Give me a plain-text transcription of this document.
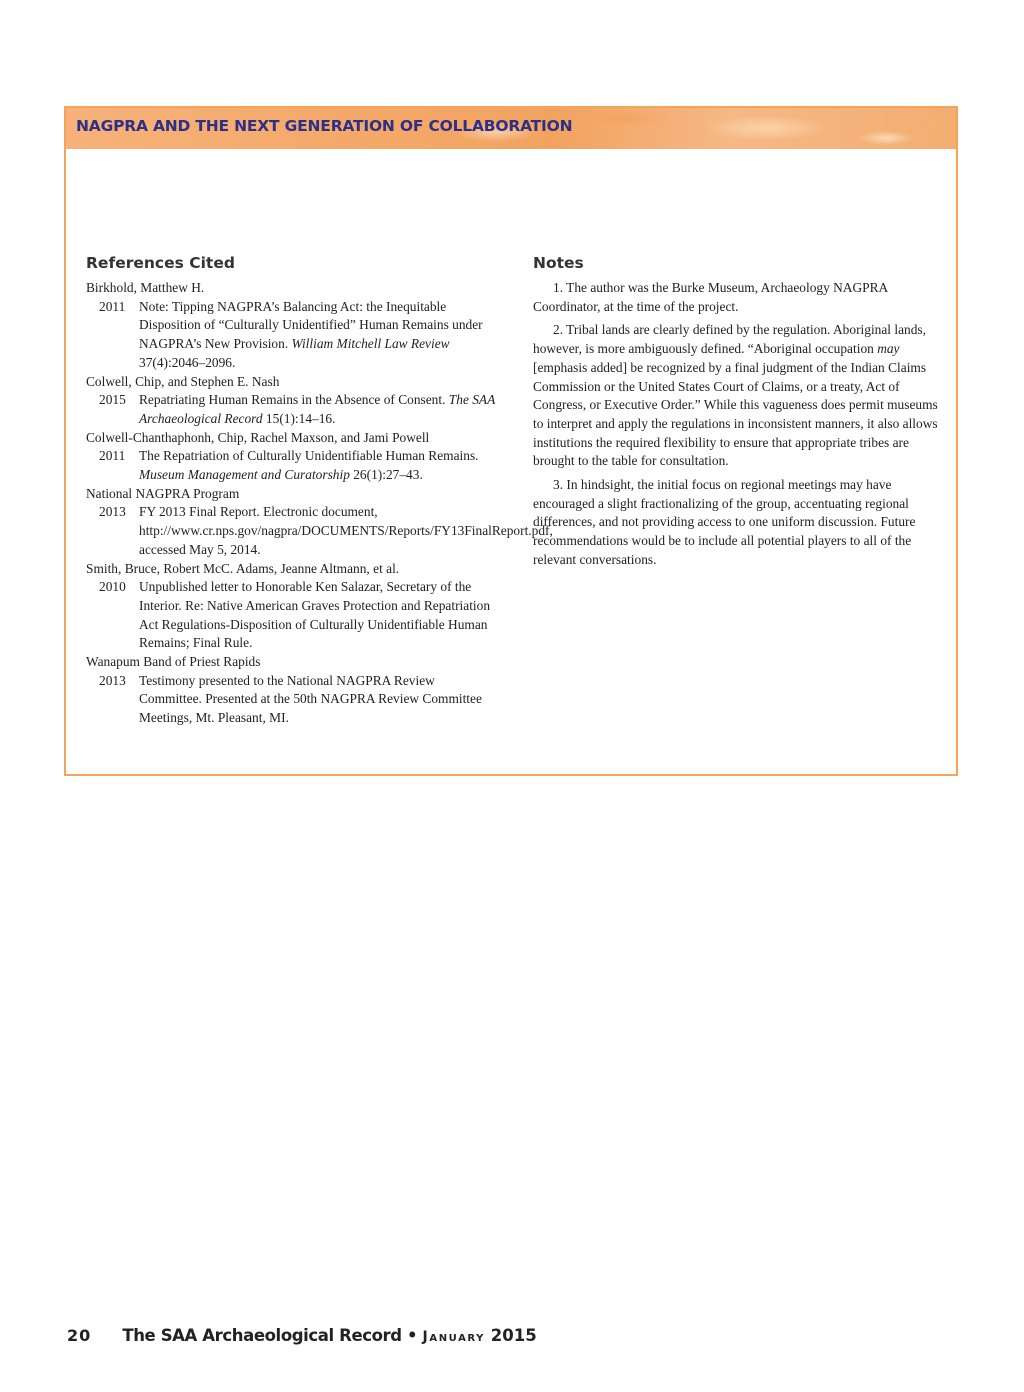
NAGPRA AND THE NEXT GENERATION OF COLLABORATION
References Cited

Birkhold, Matthew H.

2011	Note: Tipping NAGPRA’s Balancing Act: the Inequitable Disposition of “Culturally Unidentified” Human Remains under NAGPRA’s New Provision. William Mitchell Law Review 37(4):2046–2096.

Colwell, Chip, and Stephen E. Nash

2015 Repatriating Human Remains in the Absence of Consent. The SAA Archaeological Record 15(1):14–16.

Colwell-Chanthaphonh, Chip, Rachel Maxson, and Jami Powell

2011	The Repatriation of Culturally Unidentifiable Human Remains. Museum Management and Curatorship 26(1):27–43.

National NAGPRA Program

2013 FY 2013 Final Report. Electronic document, http://www.cr.nps.gov/nagpra/DOCUMENTS/Reports/FY13FinalReport.pdf, accessed May 5, 2014.

Smith, Bruce, Robert McC. Adams, Jeanne Altmann, et al.

2010 Unpublished letter to Honorable Ken Salazar, Secretary of the Interior. Re: Native American Graves Protection and Repatriation Act Regulations-Disposition of Culturally Unidentifiable Human Remains; Final Rule.

Wanapum Band of Priest Rapids

2013 Testimony presented to the National NAGPRA Review Committee. Presented at the 50th NAGPRA Review Committee Meetings, Mt. Pleasant, MI.
Notes

1. The author was the Burke Museum, Archaeology NAGPRA Coordinator, at the time of the project.

2. Tribal lands are clearly defined by the regulation. Aboriginal lands, however, is more ambiguously defined. “Aboriginal occupation may [emphasis added] be recognized by a final judgment of the Indian Claims Commission or the United States Court of Claims, or a treaty, Act of Congress, or Executive Order.” While this vagueness does permit museums to interpret and apply the regulations in inconsistent manners, it also allows institutions the required flexibility to ensure that appropriate tribes are brought to the table for consultation.

3. In hindsight, the initial focus on regional meetings may have encouraged a slight fractionalizing of the group, accentuating regional differences, and not providing access to one uniform discussion. Future recommendations would be to include all potential players to all of the relevant conversations.

20 The SAA Archaeological Record • January 2015
